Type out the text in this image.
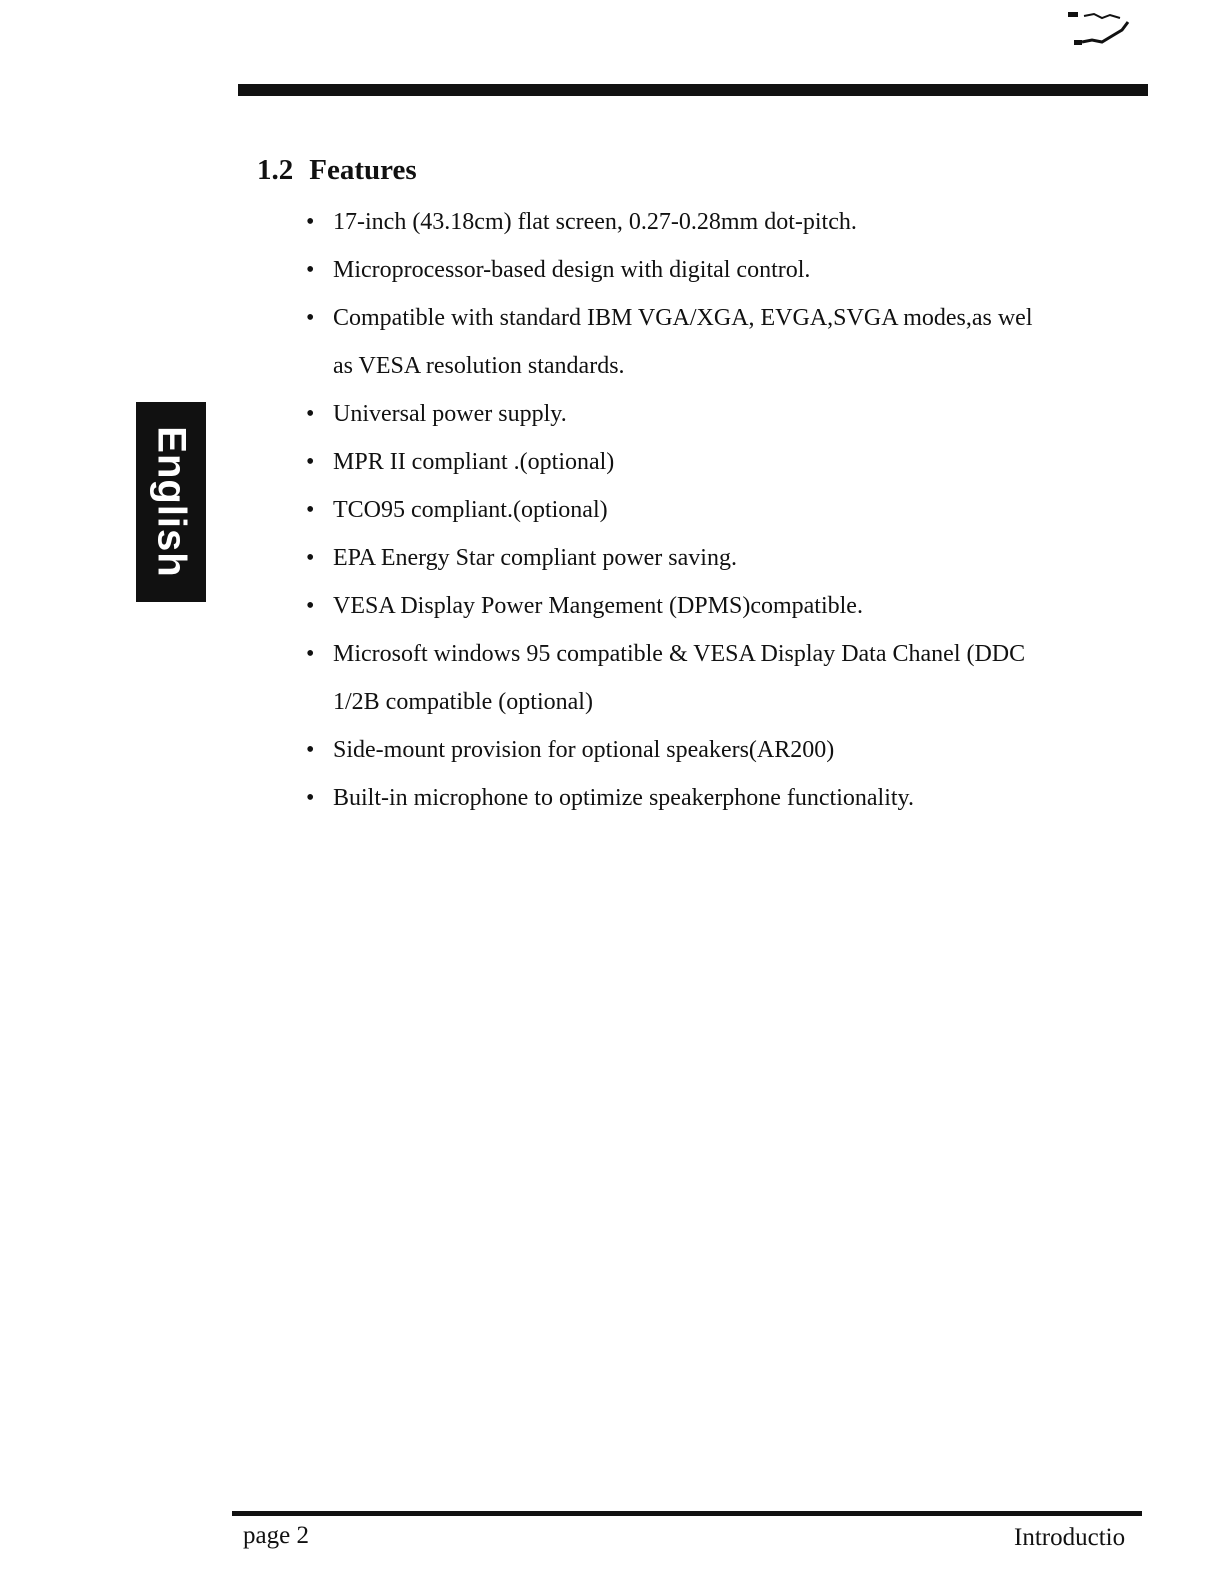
English
1.2 Features
• 17-inch (43.18cm) flat screen, 0.27-0.28mm dot-pitch.
• Microprocessor-based design with digital control.
• Compatible with standard IBM VGA/XGA, EVGA,SVGA modes,as wel
as VESA resolution standards.
• Universal power supply.
• MPR II compliant .(optional)
• TCO95 compliant.(optional)
• EPA Energy Star compliant power saving.
• VESA Display Power Mangement (DPMS)compatible.
• Microsoft windows 95 compatible & VESA Display Data Chanel (DDC
1/2B compatible (optional)
• Side-mount provision for optional speakers(AR200)
• Built-in microphone to optimize speakerphone functionality.
page 2	Introductio
